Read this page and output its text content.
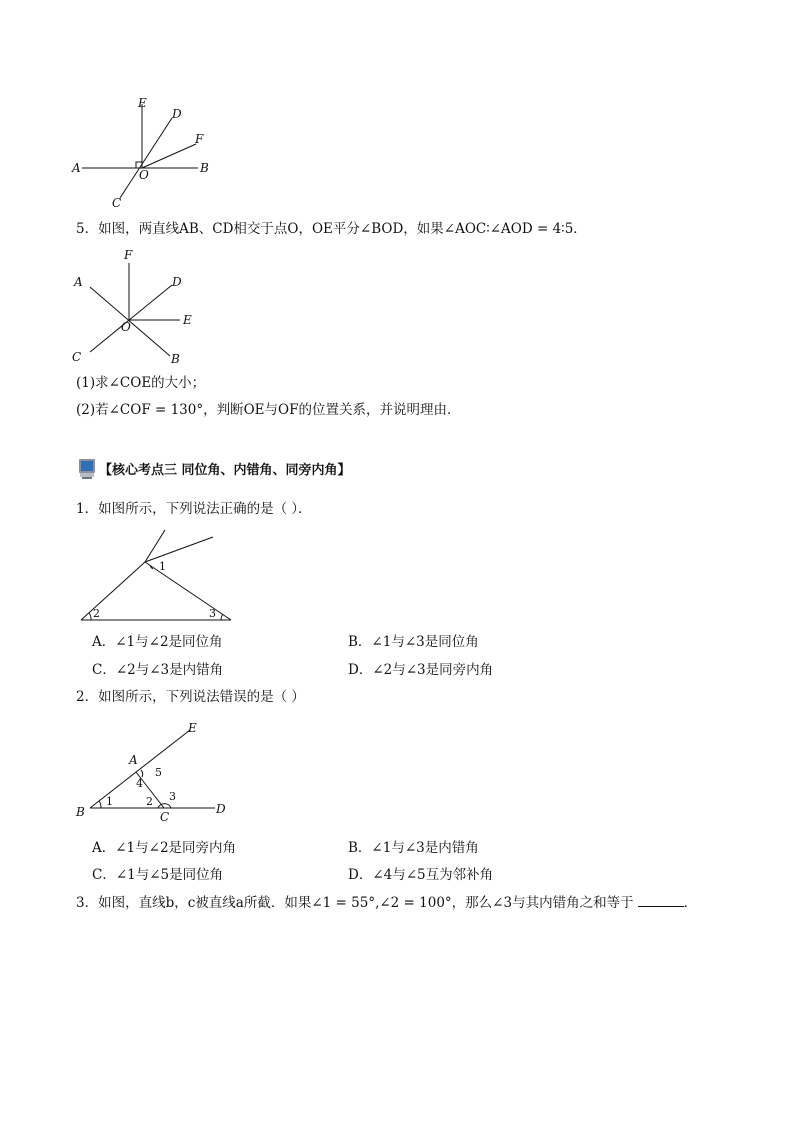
E
D
F
A	O	B
C
5．如图，两直线AB、CD相交于点O，OE平分∠BOD，如果∠AOC∶∠AOD = 4∶5．
F
A	D
O	E
C	B
(1)求∠COE的大小；
(2)若∠COF = 130°，判断OE与OF的位置关系，并说明理由．
【核心考点三 同位角、内错角、同旁内角】
1．如图所示，下列说法正确的是（ ）．
1
2	3
A．∠1与∠2是同位角	B．∠1与∠3是同位角
C．∠2与∠3是内错角	D．∠2与∠3是同旁内角
2．如图所示，下列说法错误的是（ ）
E
A
B	C
D
1	2 3
4
5
A．∠1与∠2是同旁内角	B．∠1与∠3是内错角
C．∠1与∠5是同位角	D．∠4与∠5互为邻补角
3．如图，直线b，c被直线a所截．如果∠1 = 55°,∠2 = 100°，那么∠3与其内错角之和等于	．
